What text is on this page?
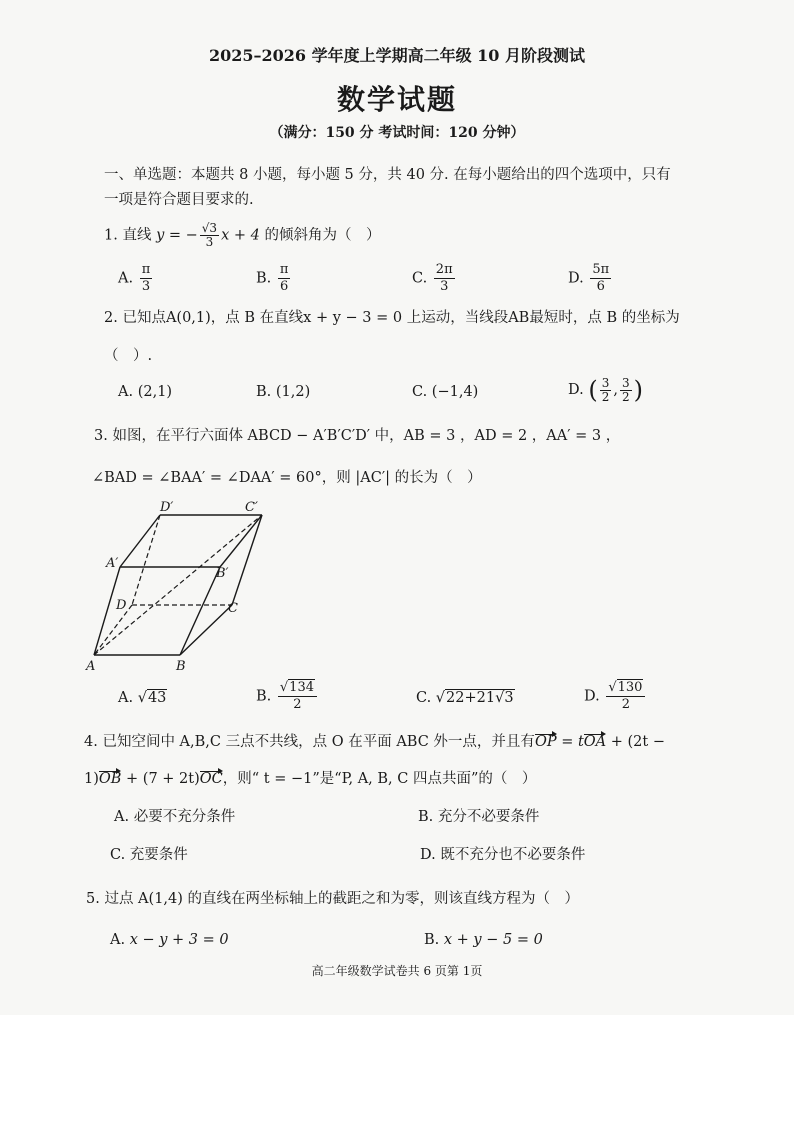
2025–2026 学年度上学期高二年级 10 月阶段测试
数学试题
（满分：150 分 考试时间：120 分钟）
一、单选题：本题共 8 小题，每小题 5 分，共 40 分. 在每小题给出的四个选项中，只有
一项是符合题目要求的.
1. 直线 y = − $\frac{√3}{3}$ x + 4 的倾斜角为（　）
A. $\frac{\pi}{3}$	B. $\frac{\pi}{6}$	C. $\frac{2\pi}{3}$	D. $\frac{5\pi}{6}$
2. 已知点A(0,1)，点 B 在直线x + y − 3 = 0 上运动，当线段AB最短时，点 B 的坐标为
（　）.
A. (2,1)	B. (1,2)	C. (−1,4)	D. ( $\frac{3}{2}$ , $\frac{3}{2}$ )
3. 如图，在平行六面体 ABCD − A′B′C′D′ 中，AB = 3 ，AD = 2 ，AA′ = 3 ，
∠BAD = ∠BAA′ = ∠DAA′ = 60°，则 |AC′| 的长为（　）
D′	C′
A′
B′
D	C
A	B
A. √43	B. $\frac{√134}{2}$	C. √22+21√3	D. $\frac{√130}{2}$
4. 已知空间中 A,B,C 三点不共线，点 O 在平面 ABC 外一点，并且有OP = tOA + (2t −
1)OB + (7 + 2t)OC，则“ t = −1”是“P, A, B, C 四点共面”的（　）
A. 必要不充分条件	B. 充分不必要条件
C. 充要条件	D. 既不充分也不必要条件
5. 过点 A(1,4) 的直线在两坐标轴上的截距之和为零，则该直线方程为（　）
A. x − y + 3 = 0	B. x + y − 5 = 0
高二年级数学试卷共 6 页第 1页
